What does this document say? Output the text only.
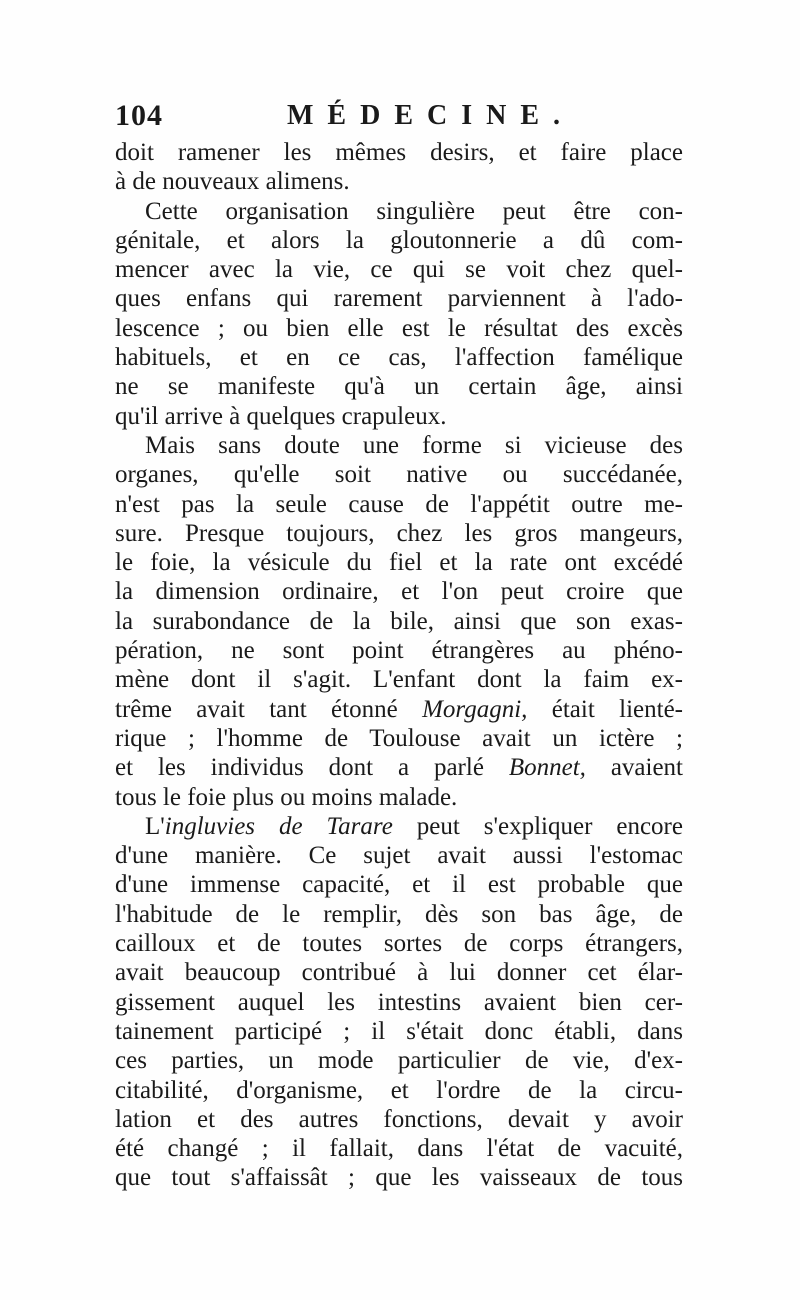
104	MÉDECINE.
doit ramener les mêmes desirs, et faire place
à de nouveaux alimens.
Cette organisation singulière peut être con-
génitale, et alors la gloutonnerie a dû com-
mencer avec la vie, ce qui se voit chez quel-
ques enfans qui rarement parviennent à l'ado-
lescence ; ou bien elle est le résultat des excès
habituels, et en ce cas, l'affection famélique
ne se manifeste qu'à un certain âge, ainsi
qu'il arrive à quelques crapuleux.
Mais sans doute une forme si vicieuse des
organes, qu'elle soit native ou succédanée,
n'est pas la seule cause de l'appétit outre me-
sure. Presque toujours, chez les gros mangeurs,
le foie, la vésicule du fiel et la rate ont excédé
la dimension ordinaire, et l'on peut croire que
la surabondance de la bile, ainsi que son exas-
pération, ne sont point étrangères au phéno-
mène dont il s'agit. L'enfant dont la faim ex-
trême avait tant étonné Morgagni, était lienté-
rique ; l'homme de Toulouse avait un ictère ;
et les individus dont a parlé Bonnet, avaient
tous le foie plus ou moins malade.
L'ingluvies de Tarare peut s'expliquer encore
d'une manière. Ce sujet avait aussi l'estomac
d'une immense capacité, et il est probable que
l'habitude de le remplir, dès son bas âge, de
cailloux et de toutes sortes de corps étrangers,
avait beaucoup contribué à lui donner cet élar-
gissement auquel les intestins avaient bien cer-
tainement participé ; il s'était donc établi, dans
ces parties, un mode particulier de vie, d'ex-
citabilité, d'organisme, et l'ordre de la circu-
lation et des autres fonctions, devait y avoir
été changé ; il fallait, dans l'état de vacuité,
que tout s'affaissât ; que les vaisseaux de tous
